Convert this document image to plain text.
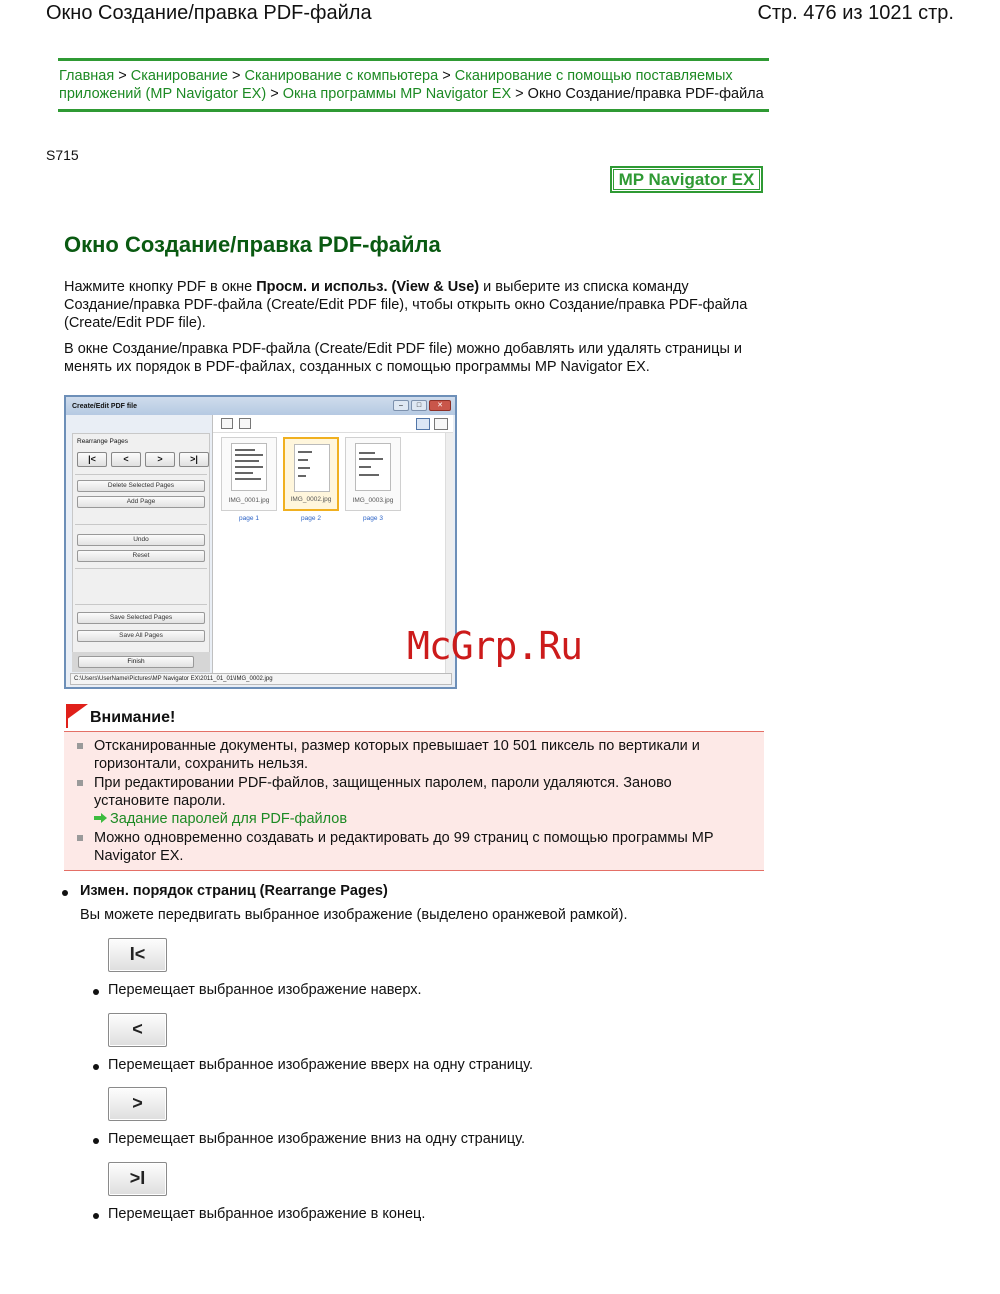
Окно Создание/правка PDF-файла	Стр. 476 из 1021 стр.
Главная > Сканирование > Сканирование с компьютера > Сканирование с помощью поставляемых приложений (MP Navigator EX) > Окна программы MP Navigator EX > Окно Создание/правка PDF-файла
S715
MP Navigator EX
Окно Создание/правка PDF-файла

Нажмите кнопку PDF в окне Просм. и использ. (View & Use) и выберите из списка команду Создание/правка PDF-файла (Create/Edit PDF file), чтобы открыть окно Создание/правка PDF-файла (Create/Edit PDF file).

В окне Создание/правка PDF-файла (Create/Edit PDF file) можно добавлять или удалять страницы и менять их порядок в PDF-файлах, созданных с помощью программы MP Navigator EX.

Create/Edit PDF file	–	□	✕
Rearrange Pages
|<	<	>	>|
Delete Selected Pages
Add Page
Undo
Reset
Save Selected Pages
Save All Pages
Finish
IMG_0001.jpg	IMG_0002.jpg	IMG_0003.jpg
page 1	page 2	page 3
C:\Users\UserName\Pictures\MP Navigator EX\2011_01_01\IMG_0002.jpg
McGrp.Ru
Внимание!
Отсканированные документы, размер которых превышает 10 501 пиксель по вертикали и горизонтали, сохранить нельзя.
При редактировании PDF-файлов, защищенных паролем, пароли удаляются. Заново установите пароли.
Задание паролей для PDF-файлов
Можно одновременно создавать и редактировать до 99 страниц с помощью программы MP Navigator EX.
Измен. порядок страниц (Rearrange Pages)
Вы можете передвигать выбранное изображение (выделено оранжевой рамкой).
I<
Перемещает выбранное изображение наверх.
<
Перемещает выбранное изображение вверх на одну страницу.
>
Перемещает выбранное изображение вниз на одну страницу.
>I
Перемещает выбранное изображение в конец.
